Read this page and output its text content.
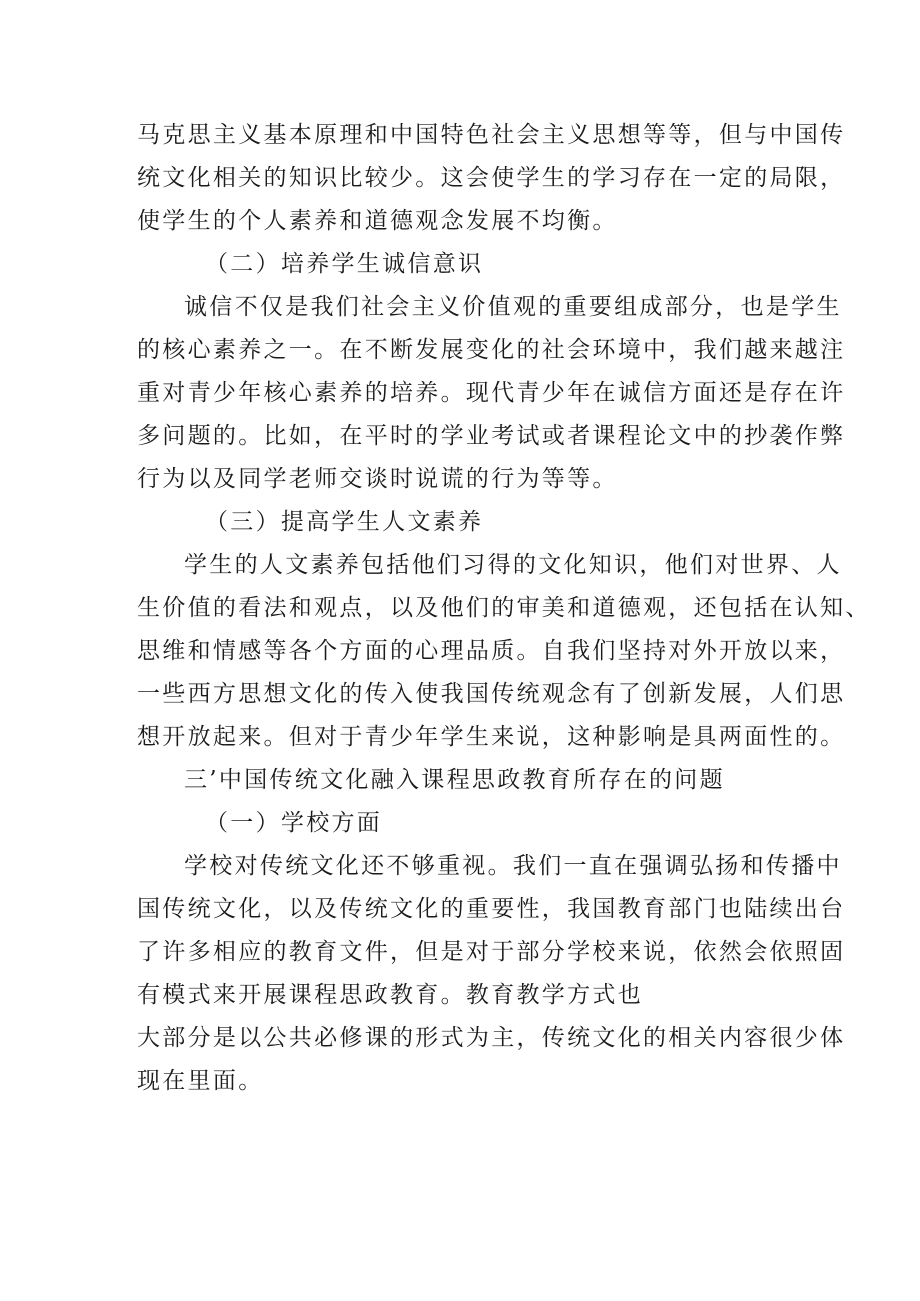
马克思主义基本原理和中国特色社会主义思想等等，但与中国传
统文化相关的知识比较少。这会使学生的学习存在一定的局限，
使学生的个人素养和道德观念发展不均衡。
（二）培养学生诚信意识
诚信不仅是我们社会主义价值观的重要组成部分，也是学生
的核心素养之一。在不断发展变化的社会环境中，我们越来越注
重对青少年核心素养的培养。现代青少年在诚信方面还是存在许
多问题的。比如，在平时的学业考试或者课程论文中的抄袭作弊
行为以及同学老师交谈时说谎的行为等等。
（三）提高学生人文素养
学生的人文素养包括他们习得的文化知识，他们对世界、人
生价值的看法和观点，以及他们的审美和道德观，还包括在认知、
思维和情感等各个方面的心理品质。自我们坚持对外开放以来，
一些西方思想文化的传入使我国传统观念有了创新发展，人们思
想开放起来。但对于青少年学生来说，这种影响是具两面性的。
三’中国传统文化融入课程思政教育所存在的问题
（一）学校方面
学校对传统文化还不够重视。我们一直在强调弘扬和传播中
国传统文化，以及传统文化的重要性，我国教育部门也陆续出台
了许多相应的教育文件，但是对于部分学校来说，依然会依照固
有模式来开展课程思政教育。教育教学方式也
大部分是以公共必修课的形式为主，传统文化的相关内容很少体
现在里面。
